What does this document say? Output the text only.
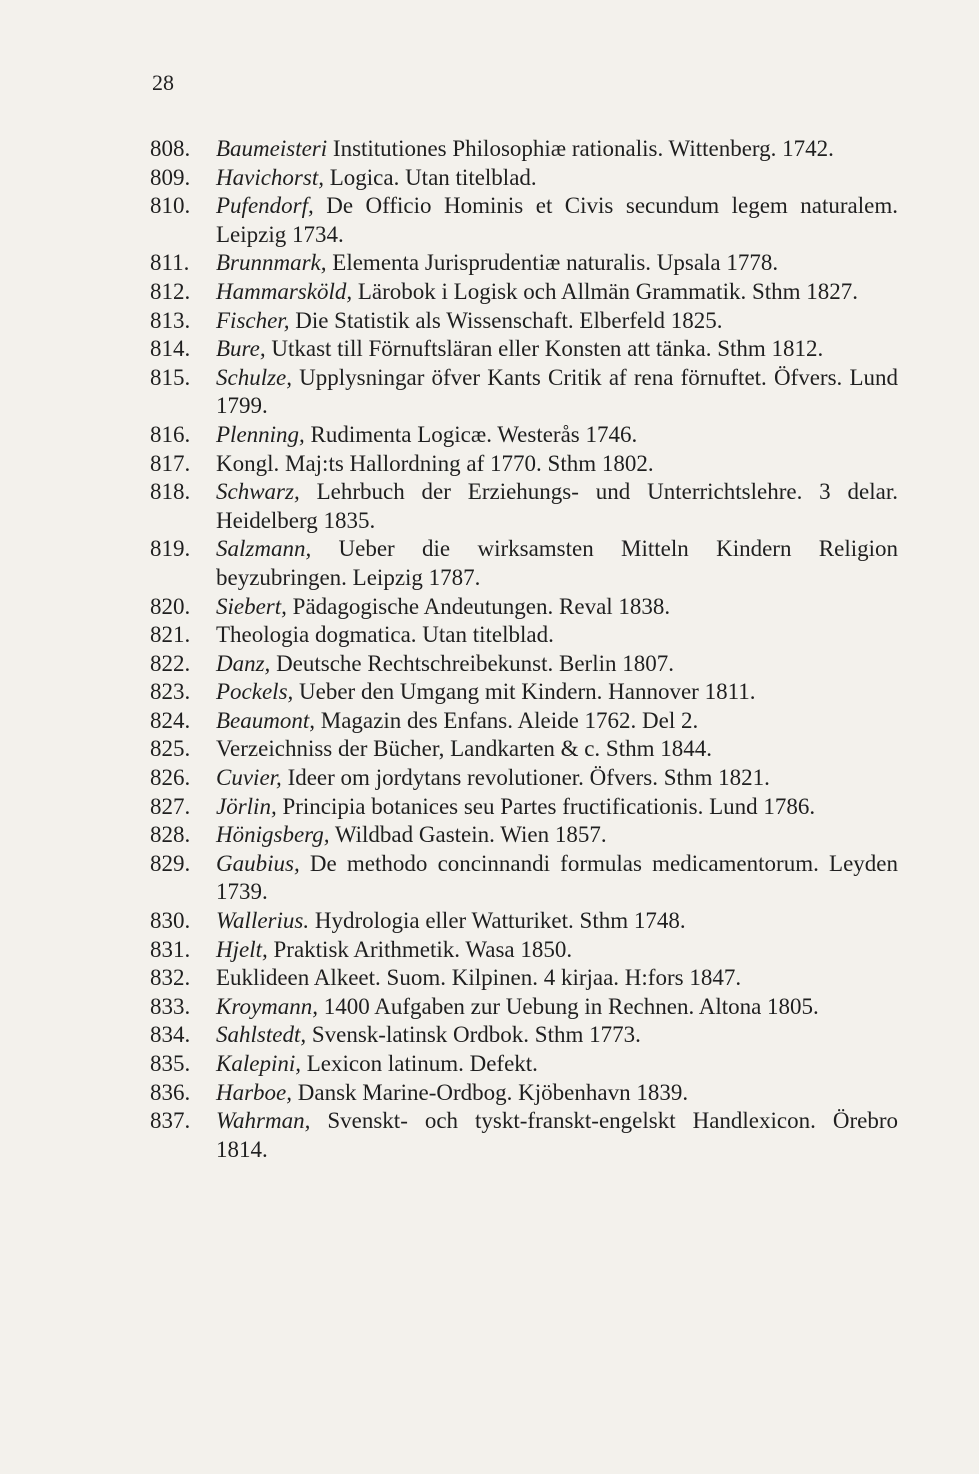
28
808.	Baumeisteri Institutiones Philosophiæ rationalis. Wittenberg. 1742.
809.	Havichorst, Logica. Utan titelblad.
810.	Pufendorf, De Officio Hominis et Civis secundum legem naturalem. Leipzig 1734.
811.	Brunnmark, Elementa Jurisprudentiæ naturalis. Upsala 1778.
812.	Hammarsköld, Lärobok i Logisk och Allmän Grammatik. Sthm 1827.
813.	Fischer, Die Statistik als Wissenschaft. Elberfeld 1825.
814.	Bure, Utkast till Förnuftsläran eller Konsten att tänka. Sthm 1812.
815.	Schulze, Upplysningar öfver Kants Critik af rena förnuftet. Öfvers. Lund 1799.
816.	Plenning, Rudimenta Logicæ. Westerås 1746.
817.	Kongl. Maj:ts Hallordning af 1770. Sthm 1802.
818.	Schwarz, Lehrbuch der Erziehungs- und Unterrichtslehre. 3 delar. Heidelberg 1835.
819.	Salzmann, Ueber die wirksamsten Mitteln Kindern Religion beyzubringen. Leipzig 1787.
820.	Siebert, Pädagogische Andeutungen. Reval 1838.
821.	Theologia dogmatica. Utan titelblad.
822.	Danz, Deutsche Rechtschreibekunst. Berlin 1807.
823.	Pockels, Ueber den Umgang mit Kindern. Hannover 1811.
824.	Beaumont, Magazin des Enfans. Aleide 1762. Del 2.
825.	Verzeichniss der Bücher, Landkarten & c. Sthm 1844.
826.	Cuvier, Ideer om jordytans revolutioner. Öfvers. Sthm 1821.
827.	Jörlin, Principia botanices seu Partes fructificationis. Lund 1786.
828.	Hönigsberg, Wildbad Gastein. Wien 1857.
829.	Gaubius, De methodo concinnandi formulas medicamentorum. Leyden 1739.
830.	Wallerius. Hydrologia eller Watturiket. Sthm 1748.
831.	Hjelt, Praktisk Arithmetik. Wasa 1850.
832.	Euklideen Alkeet. Suom. Kilpinen. 4 kirjaa. H:fors 1847.
833.	Kroymann, 1400 Aufgaben zur Uebung in Rechnen. Altona 1805.
834.	Sahlstedt, Svensk-latinsk Ordbok. Sthm 1773.
835.	Kalepini, Lexicon latinum. Defekt.
836.	Harboe, Dansk Marine-Ordbog. Kjöbenhavn 1839.
837.	Wahrman, Svenskt- och tyskt-franskt-engelskt Handlexicon. Örebro 1814.
